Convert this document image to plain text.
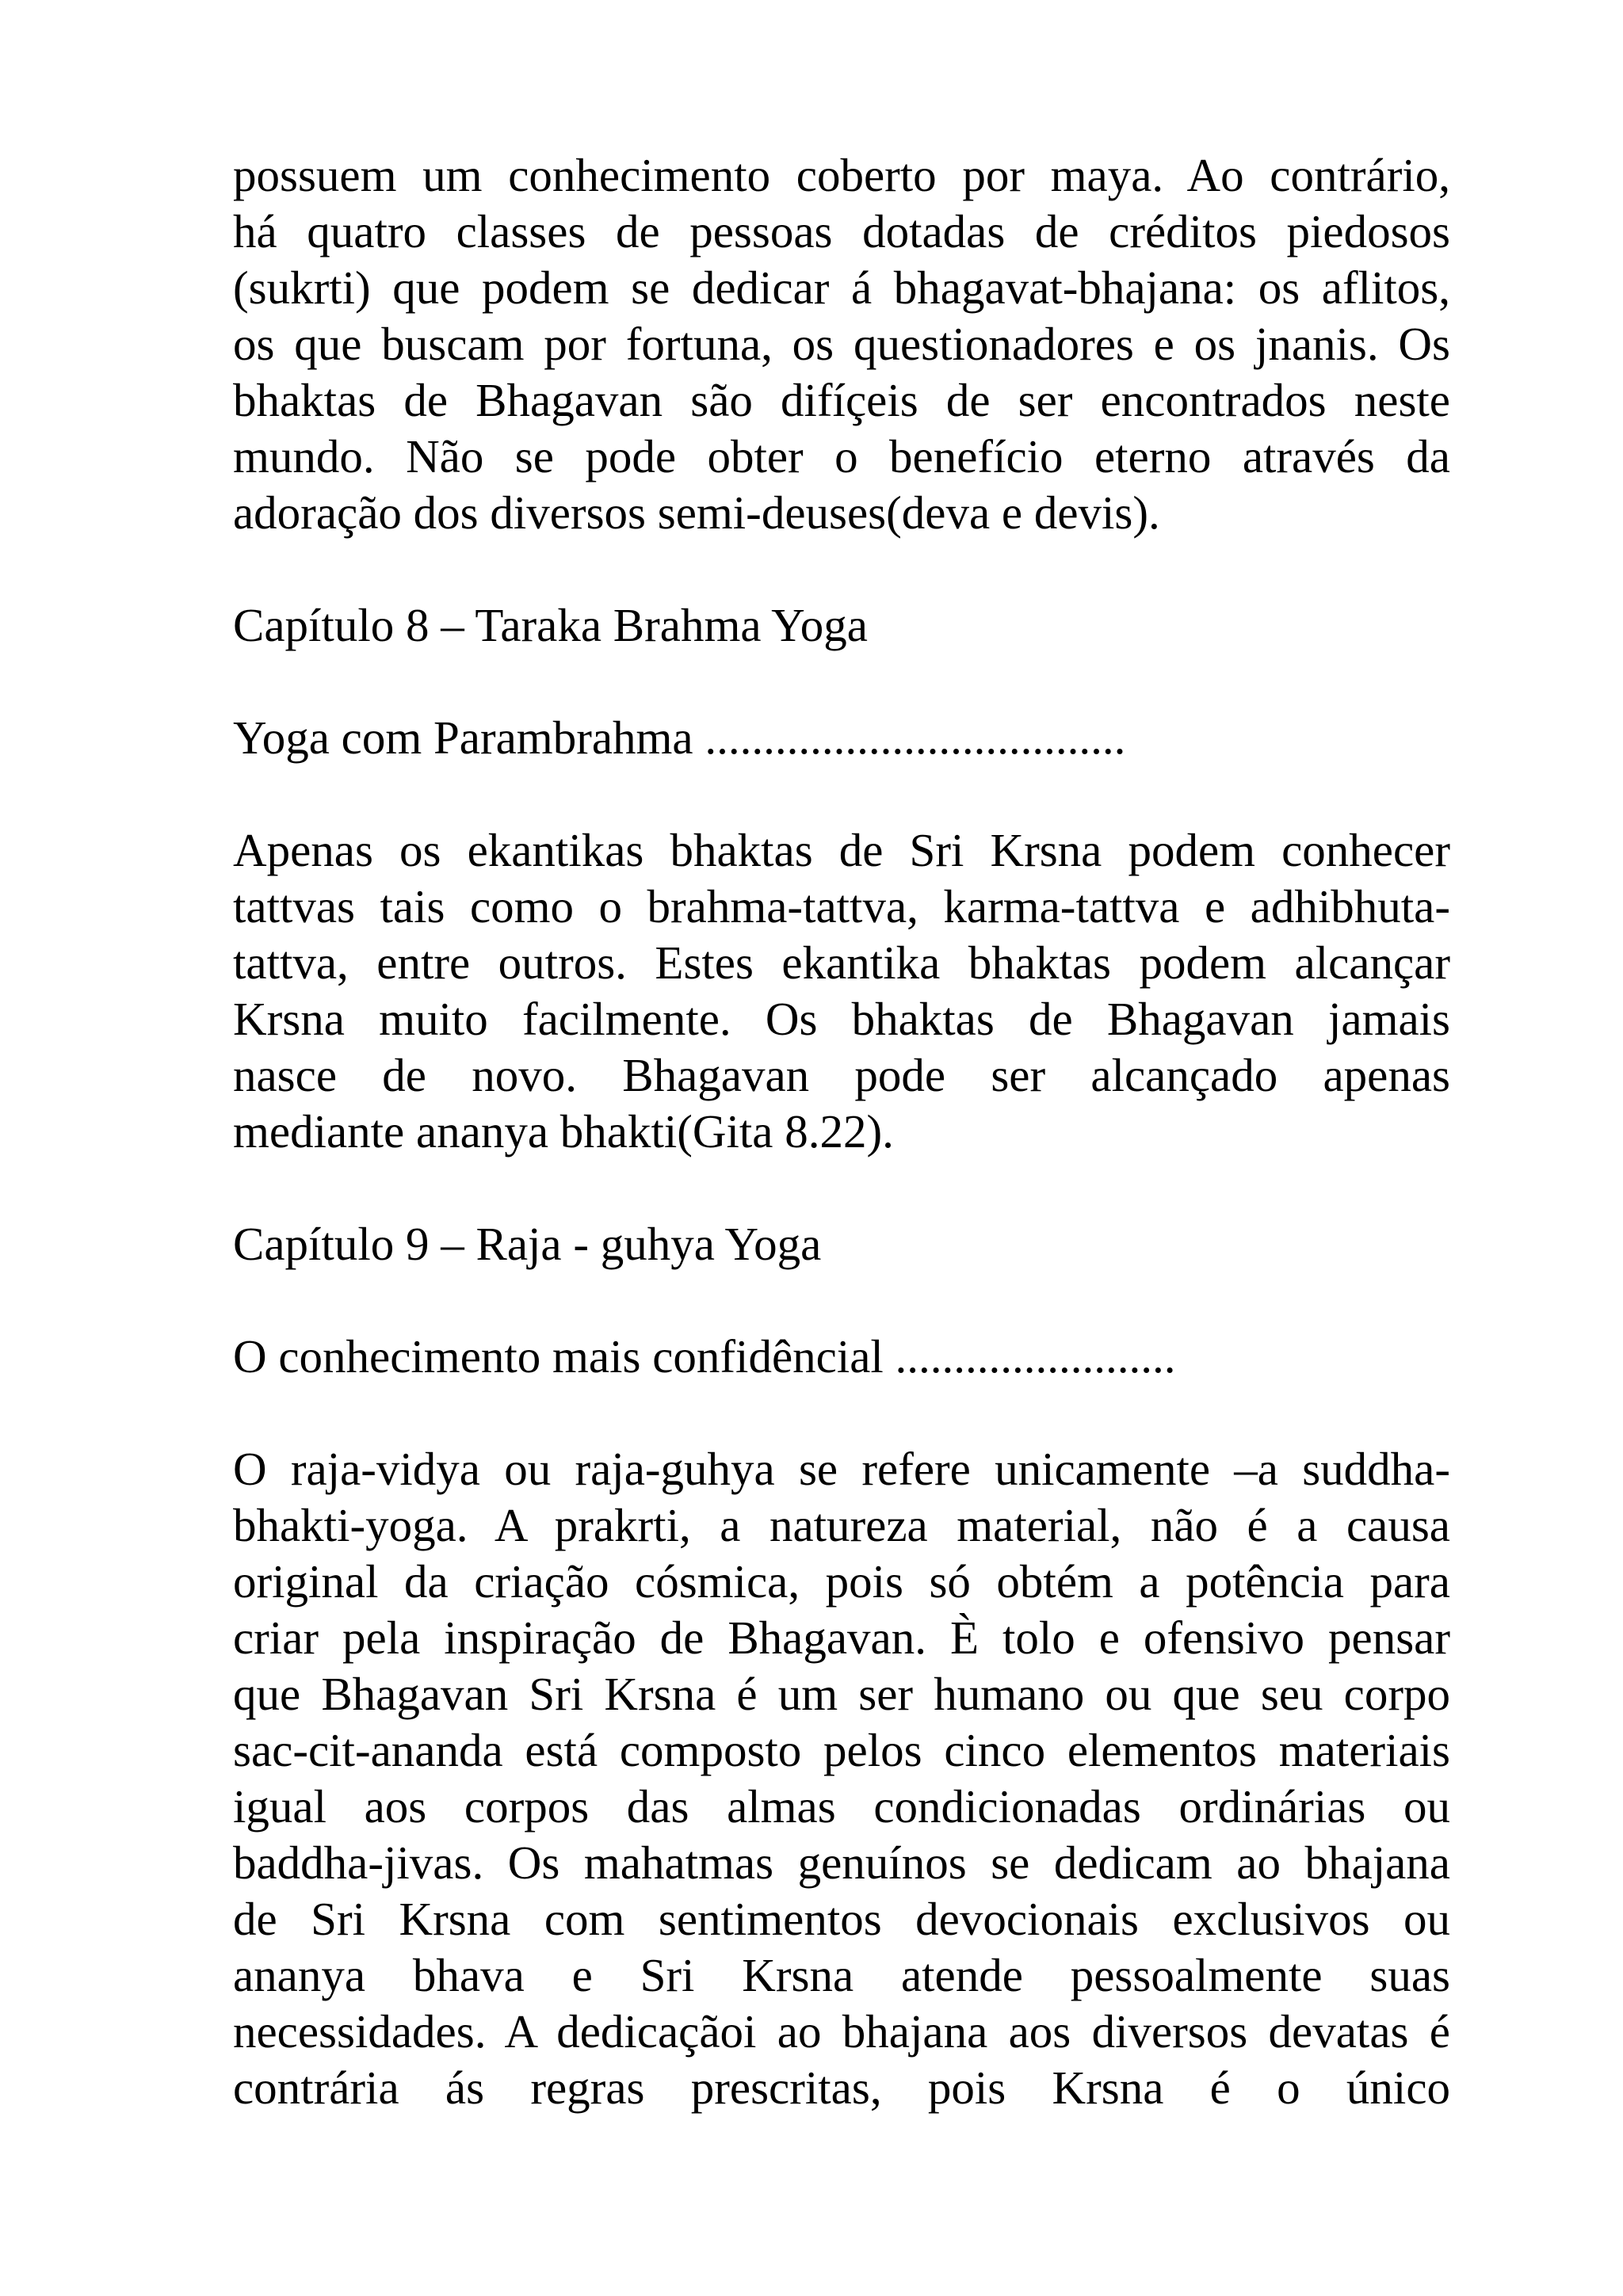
possuem um conhecimento coberto por maya. Ao contrário,
há quatro classes de pessoas dotadas de créditos piedosos
(sukrti) que podem se dedicar á bhagavat-bhajana: os aflitos,
os que buscam por fortuna, os questionadores e os jnanis. Os
bhaktas de Bhagavan são difíçeis de ser encontrados neste
mundo. Não se pode obter o benefício eterno através da
adoração dos diversos semi-deuses(deva e devis).
Capítulo 8 – Taraka Brahma Yoga
Yoga com Parambrahma ....................................
Apenas os ekantikas bhaktas de Sri Krsna podem conhecer
tattvas tais como o brahma-tattva, karma-tattva e adhibhuta-
tattva, entre outros. Estes ekantika bhaktas podem alcançar
Krsna muito facilmente. Os bhaktas de Bhagavan jamais
nasce de novo. Bhagavan pode ser alcançado apenas
mediante ananya bhakti(Gita 8.22).
Capítulo 9 – Raja - guhya Yoga
O conhecimento mais confidêncial ........................
O raja-vidya ou raja-guhya se refere unicamente –a suddha-
bhakti-yoga. A prakrti, a natureza material, não é a causa
original da criação cósmica, pois só obtém a potência para
criar pela inspiração de Bhagavan. È tolo e ofensivo pensar
que Bhagavan Sri Krsna é um ser humano ou que seu corpo
sac-cit-ananda está composto pelos cinco elementos materiais
igual aos corpos das almas condicionadas ordinárias ou
baddha-jivas. Os mahatmas genuínos se dedicam ao bhajana
de Sri Krsna com sentimentos devocionais exclusivos ou
ananya bhava e Sri Krsna atende pessoalmente suas
necessidades. A dedicaçãoi ao bhajana aos diversos devatas é
contrária ás regras prescritas, pois Krsna é o único
